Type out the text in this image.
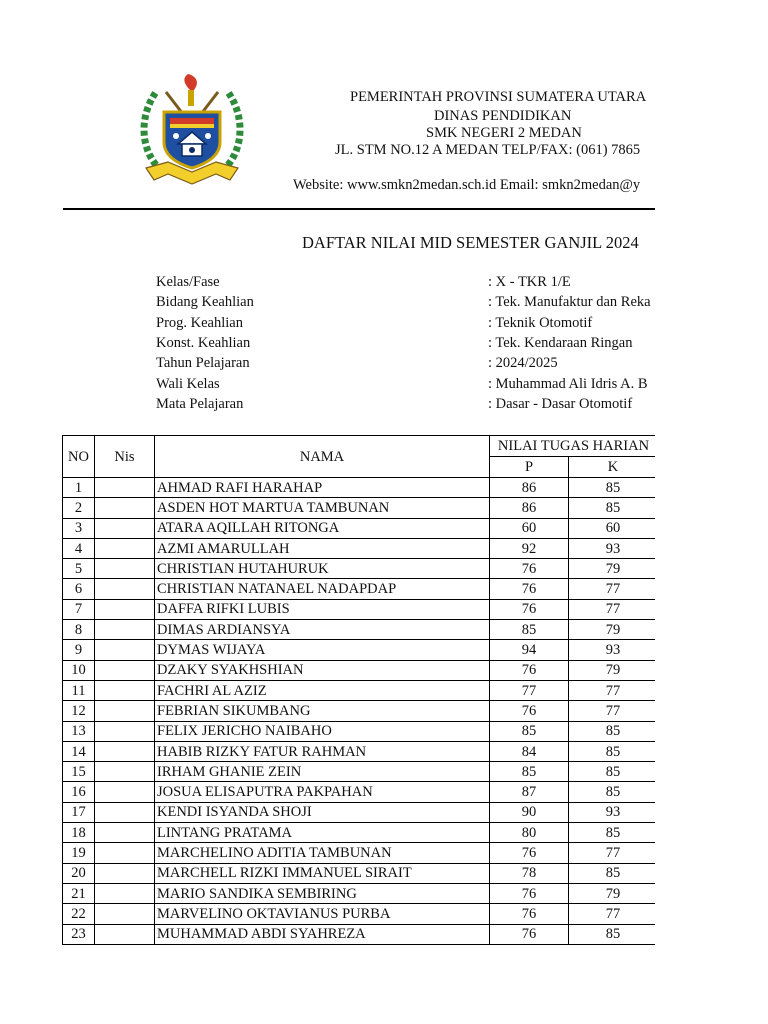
PEMERINTAH PROVINSI SUMATERA UTARA
DINAS PENDIDIKAN
SMK NEGERI 2 MEDAN
JL. STM NO.12 A MEDAN TELP/FAX: (061) 7865
Website: www.smkn2medan.sch.id Email: smkn2medan@y
DAFTAR NILAI MID SEMESTER GANJIL 2024
Kelas/Fase	: X - TKR 1/E
Bidang Keahlian	: Tek. Manufaktur dan Reka
Prog. Keahlian	: Teknik Otomotif
Konst. Keahlian	: Tek. Kendaraan Ringan
Tahun Pelajaran	: 2024/2025
Wali Kelas	: Muhammad Ali Idris A. B
Mata Pelajaran	: Dasar - Dasar Otomotif
NO	Nis	NAMA	NILAI TUGAS HARIAN	
			P	K
1		AHMAD RAFI HARAHAP	86	85
2		ASDEN HOT MARTUA TAMBUNAN	86	85
3		ATARA AQILLAH RITONGA	60	60
4		AZMI AMARULLAH	92	93
5		CHRISTIAN HUTAHURUK	76	79
6		CHRISTIAN NATANAEL NADAPDAP	76	77
7		DAFFA RIFKI LUBIS	76	77
8		DIMAS ARDIANSYA	85	79
9		DYMAS WIJAYA	94	93
10		DZAKY SYAKHSHIAN	76	79
11		FACHRI AL AZIZ	77	77
12		FEBRIAN SIKUMBANG	76	77
13		FELIX JERICHO NAIBAHO	85	85
14		HABIB RIZKY FATUR RAHMAN	84	85
15		IRHAM GHANIE ZEIN	85	85
16		JOSUA ELISAPUTRA PAKPAHAN	87	85
17		KENDI ISYANDA SHOJI	90	93
18		LINTANG PRATAMA	80	85
19		MARCHELINO ADITIA TAMBUNAN	76	77
20		MARCHELL RIZKI IMMANUEL SIRAIT	78	85
21		MARIO SANDIKA SEMBIRING	76	79
22		MARVELINO OKTAVIANUS PURBA	76	77
23		MUHAMMAD ABDI SYAHREZA	76	85
